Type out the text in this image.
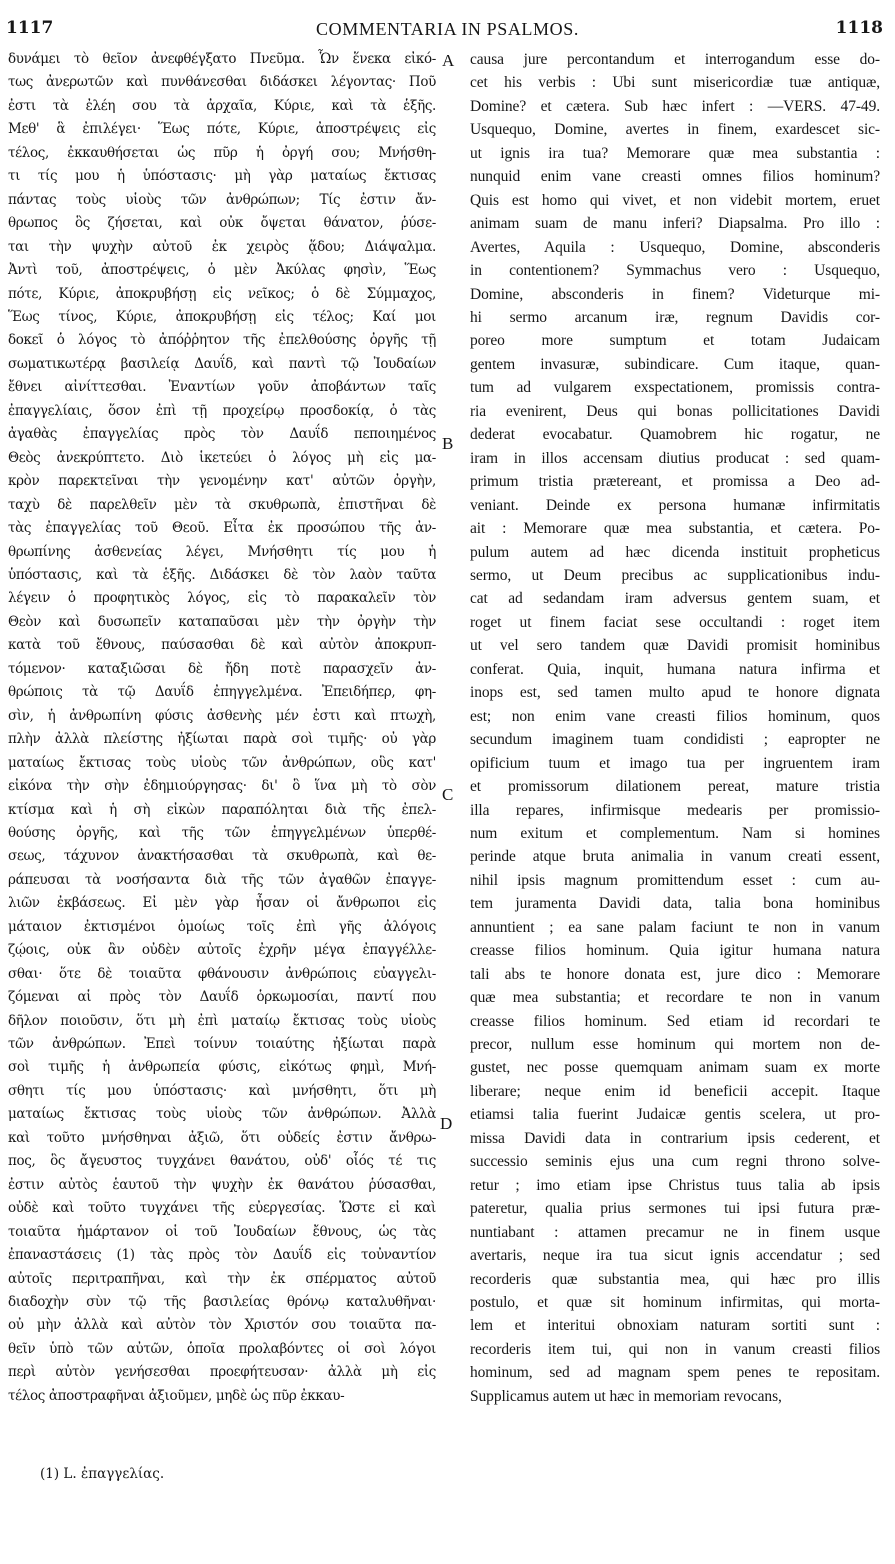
1117	COMMENTARIA IN PSALMOS.	1118
δυνάμει τὸ θεῖον ἀνεφθέγξατο Πνεῦμα. Ὧν ἕνεκα εἰκό-
τως ἀνερωτῶν καὶ πυνθάνεσθαι διδάσκει λέγοντας· Ποῦ
ἐστι τὰ ἐλέη σου τὰ ἀρχαῖα, Κύριε, καὶ τὰ ἑξῆς.
Μεθ' ἃ ἐπιλέγει· Ἕως πότε, Κύριε, ἀποστρέψεις εἰς
τέλος, ἐκκαυθήσεται ὡς πῦρ ἡ ὀργή σου; Μνήσθη-
τι τίς μου ἡ ὑπόστασις· μὴ γὰρ ματαίως ἔκτισας
πάντας τοὺς υἱοὺς τῶν ἀνθρώπων; Τίς ἐστιν ἄν-
θρωπος ὃς ζήσεται, καὶ οὐκ ὄψεται θάνατον, ῥύσε-
ται τὴν ψυχὴν αὐτοῦ ἐκ χειρὸς ᾅδου; Διάψαλμα.
Ἀντὶ τοῦ, ἀποστρέψεις, ὁ μὲν Ἀκύλας φησὶν, Ἕως
πότε, Κύριε, ἀποκρυβήσῃ εἰς νεῖκος; ὁ δὲ Σύμμαχος,
Ἕως τίνος, Κύριε, ἀποκρυβήσῃ εἰς τέλος; Καί μοι
δοκεῖ ὁ λόγος τὸ ἀπόῤῥητον τῆς ἐπελθούσης ὀργῆς τῇ
σωματικωτέρᾳ βασιλείᾳ Δαυΐδ, καὶ παντὶ τῷ Ἰουδαίων
ἔθνει αἰνίττεσθαι. Ἐναντίων γοῦν ἀποβάντων ταῖς
ἐπαγγελίαις, ὅσον ἐπὶ τῇ προχείρῳ προσδοκίᾳ, ὁ τὰς
ἀγαθὰς ἐπαγγελίας πρὸς τὸν Δαυΐδ πεποιημένος
Θεὸς ἀνεκρύπτετο. Διὸ ἱκετεύει ὁ λόγος μὴ εἰς μα-
κρὸν παρεκτεῖναι τὴν γενομένην κατ' αὐτῶν ὀργὴν,
ταχὺ δὲ παρελθεῖν μὲν τὰ σκυθρωπὰ, ἐπιστῆναι δὲ
τὰς ἐπαγγελίας τοῦ Θεοῦ. Εἶτα ἐκ προσώπου τῆς ἀν-
θρωπίνης ἀσθενείας λέγει, Μνήσθητι τίς μου ἡ
ὑπόστασις, καὶ τὰ ἑξῆς. Διδάσκει δὲ τὸν λαὸν ταῦτα
λέγειν ὁ προφητικὸς λόγος, εἰς τὸ παρακαλεῖν τὸν
Θεὸν καὶ δυσωπεῖν καταπαῦσαι μὲν τὴν ὀργὴν τὴν
κατὰ τοῦ ἔθνους, παύσασθαι δὲ καὶ αὐτὸν ἀποκρυπ-
τόμενον· καταξιῶσαι δὲ ἤδη ποτὲ παρασχεῖν ἀν-
θρώποις τὰ τῷ Δαυΐδ ἐπηγγελμένα. Ἐπειδήπερ, φη-
σὶν, ἡ ἀνθρωπίνη φύσις ἀσθενὴς μέν ἐστι καὶ πτωχὴ,
πλὴν ἀλλὰ πλείστης ἠξίωται παρὰ σοὶ τιμῆς· οὐ γὰρ
ματαίως ἔκτισας τοὺς υἱοὺς τῶν ἀνθρώπων, οὓς κατ'
εἰκόνα τὴν σὴν ἐδημιούργησας· δι' ὃ ἵνα μὴ τὸ σὸν
κτίσμα καὶ ἡ σὴ εἰκὼν παραπόληται διὰ τῆς ἐπελ-
θούσης ὀργῆς, καὶ τῆς τῶν ἐπηγγελμένων ὑπερθέ-
σεως, τάχυνον ἀνακτήσασθαι τὰ σκυθρωπὰ, καὶ θε-
ράπευσαι τὰ νοσήσαντα διὰ τῆς τῶν ἀγαθῶν ἐπαγγε-
λιῶν ἐκβάσεως. Εἰ μὲν γὰρ ἦσαν οἱ ἄνθρωποι εἰς
μάταιον ἐκτισμένοι ὁμοίως τοῖς ἐπὶ γῆς ἀλόγοις
ζῴοις, οὐκ ἂν οὐδὲν αὐτοῖς ἐχρῆν μέγα ἐπαγγέλλε-
σθαι· ὅτε δὲ τοιαῦτα φθάνουσιν ἀνθρώποις εὐαγγελι-
ζόμεναι αἱ πρὸς τὸν Δαυΐδ ὁρκωμοσίαι, παντί που
δῆλον ποιοῦσιν, ὅτι μὴ ἐπὶ ματαίῳ ἔκτισας τοὺς υἱοὺς
τῶν ἀνθρώπων. Ἐπεὶ τοίνυν τοιαύτης ἠξίωται παρὰ
σοὶ τιμῆς ἡ ἀνθρωπεία φύσις, εἰκότως φημὶ, Μνή-
σθητι τίς μου ὑπόστασις· καὶ μνήσθητι, ὅτι μὴ
ματαίως ἔκτισας τοὺς υἱοὺς τῶν ἀνθρώπων. Ἀλλὰ
καὶ τοῦτο μνήσθηναι ἀξιῶ, ὅτι οὐδείς ἐστιν ἄνθρω-
πος, ὃς ἄγευστος τυγχάνει θανάτου, οὐδ' οἷός τέ τις
ἐστιν αὐτὸς ἑαυτοῦ τὴν ψυχὴν ἐκ θανάτου ῥύσασθαι,
οὐδὲ καὶ τοῦτο τυγχάνει τῆς εὐεργεσίας. Ὥστε εἰ καὶ
τοιαῦτα ἡμάρτανον οἱ τοῦ Ἰουδαίων ἔθνους, ὡς τὰς
ἐπαναστάσεις (1) τὰς πρὸς τὸν Δαυΐδ εἰς τοὐναντίον
αὐτοῖς περιτραπῆναι, καὶ τὴν ἐκ σπέρματος αὐτοῦ
διαδοχὴν σὺν τῷ τῆς βασιλείας θρόνῳ καταλυθῆναι·
οὐ μὴν ἀλλὰ καὶ αὐτὸν τὸν Χριστόν σου τοιαῦτα πα-
θεῖν ὑπὸ τῶν αὐτῶν, ὁποῖα προλαβόντες οἱ σοὶ λόγοι
περὶ αὐτὸν γενήσεσθαι προεφήτευσαν· ἀλλὰ μὴ εἰς
τέλος ἀποστραφῆναι ἀξιοῦμεν, μηδὲ ὡς πῦρ ἐκκαυ-
A
B
C
D
causa jure percontandum et interrogandum esse do-
cet his verbis : Ubi sunt misericordiæ tuæ antiquæ,
Domine? et cætera. Sub hæc infert : —VERS. 47-49.
Usquequo, Domine, avertes in finem, exardescet sic-
ut ignis ira tua? Memorare quæ mea substantia :
nunquid enim vane creasti omnes filios hominum?
Quis est homo qui vivet, et non videbit mortem, eruet
animam suam de manu inferi? Diapsalma. Pro illo :
Avertes, Aquila : Usquequo, Domine, absconderis
in contentionem? Symmachus vero : Usquequo,
Domine, absconderis in finem? Videturque mi-
hi sermo arcanum iræ, regnum Davidis cor-
poreo more sumptum et totam Judaicam
gentem invasuræ, subindicare. Cum itaque, quan-
tum ad vulgarem exspectationem, promissis contra-
ria evenirent, Deus qui bonas pollicitationes Davidi
dederat evocabatur. Quamobrem hic rogatur, ne
iram in illos accensam diutius producat : sed quam-
primum tristia prætereant, et promissa a Deo ad-
veniant. Deinde ex persona humanæ infirmitatis
ait : Memorare quæ mea substantia, et cætera. Po-
pulum autem ad hæc dicenda instituit propheticus
sermo, ut Deum precibus ac supplicationibus indu-
cat ad sedandam iram adversus gentem suam, et
roget ut finem faciat sese occultandi : roget item
ut vel sero tandem quæ Davidi promisit hominibus
conferat. Quia, inquit, humana natura infirma et
inops est, sed tamen multo apud te honore dignata
est; non enim vane creasti filios hominum, quos
secundum imaginem tuam condidisti ; eapropter ne
opificium tuum et imago tua per ingruentem iram
et promissorum dilationem pereat, mature tristia
illa repares, infirmisque medearis per promissio-
num exitum et complementum. Nam si homines
perinde atque bruta animalia in vanum creati essent,
nihil ipsis magnum promittendum esset : cum au-
tem juramenta Davidi data, talia bona hominibus
annuntient ; ea sane palam faciunt te non in vanum
creasse filios hominum. Quia igitur humana natura
tali abs te honore donata est, jure dico : Memorare
quæ mea substantia; et recordare te non in vanum
creasse filios hominum. Sed etiam id recordari te
precor, nullum esse hominum qui mortem non de-
gustet, nec posse quemquam animam suam ex morte
liberare; neque enim id beneficii accepit. Itaque
etiamsi talia fuerint Judaicæ gentis scelera, ut pro-
missa Davidi data in contrarium ipsis cederent, et
successio seminis ejus una cum regni throno solve-
retur ; imo etiam ipse Christus tuus talia ab ipsis
pateretur, qualia prius sermones tui ipsi futura præ-
nuntiabant : attamen precamur ne in finem usque
avertaris, neque ira tua sicut ignis accendatur ; sed
recorderis quæ substantia mea, qui hæc pro illis
postulo, et quæ sit hominum infirmitas, qui morta-
lem et interitui obnoxiam naturam sortiti sunt :
recorderis item tui, qui non in vanum creasti filios
hominum, sed ad magnam spem penes te repositam.
Supplicamus autem ut hæc in memoriam revocans,
(1) L. ἐπαγγελίας.
